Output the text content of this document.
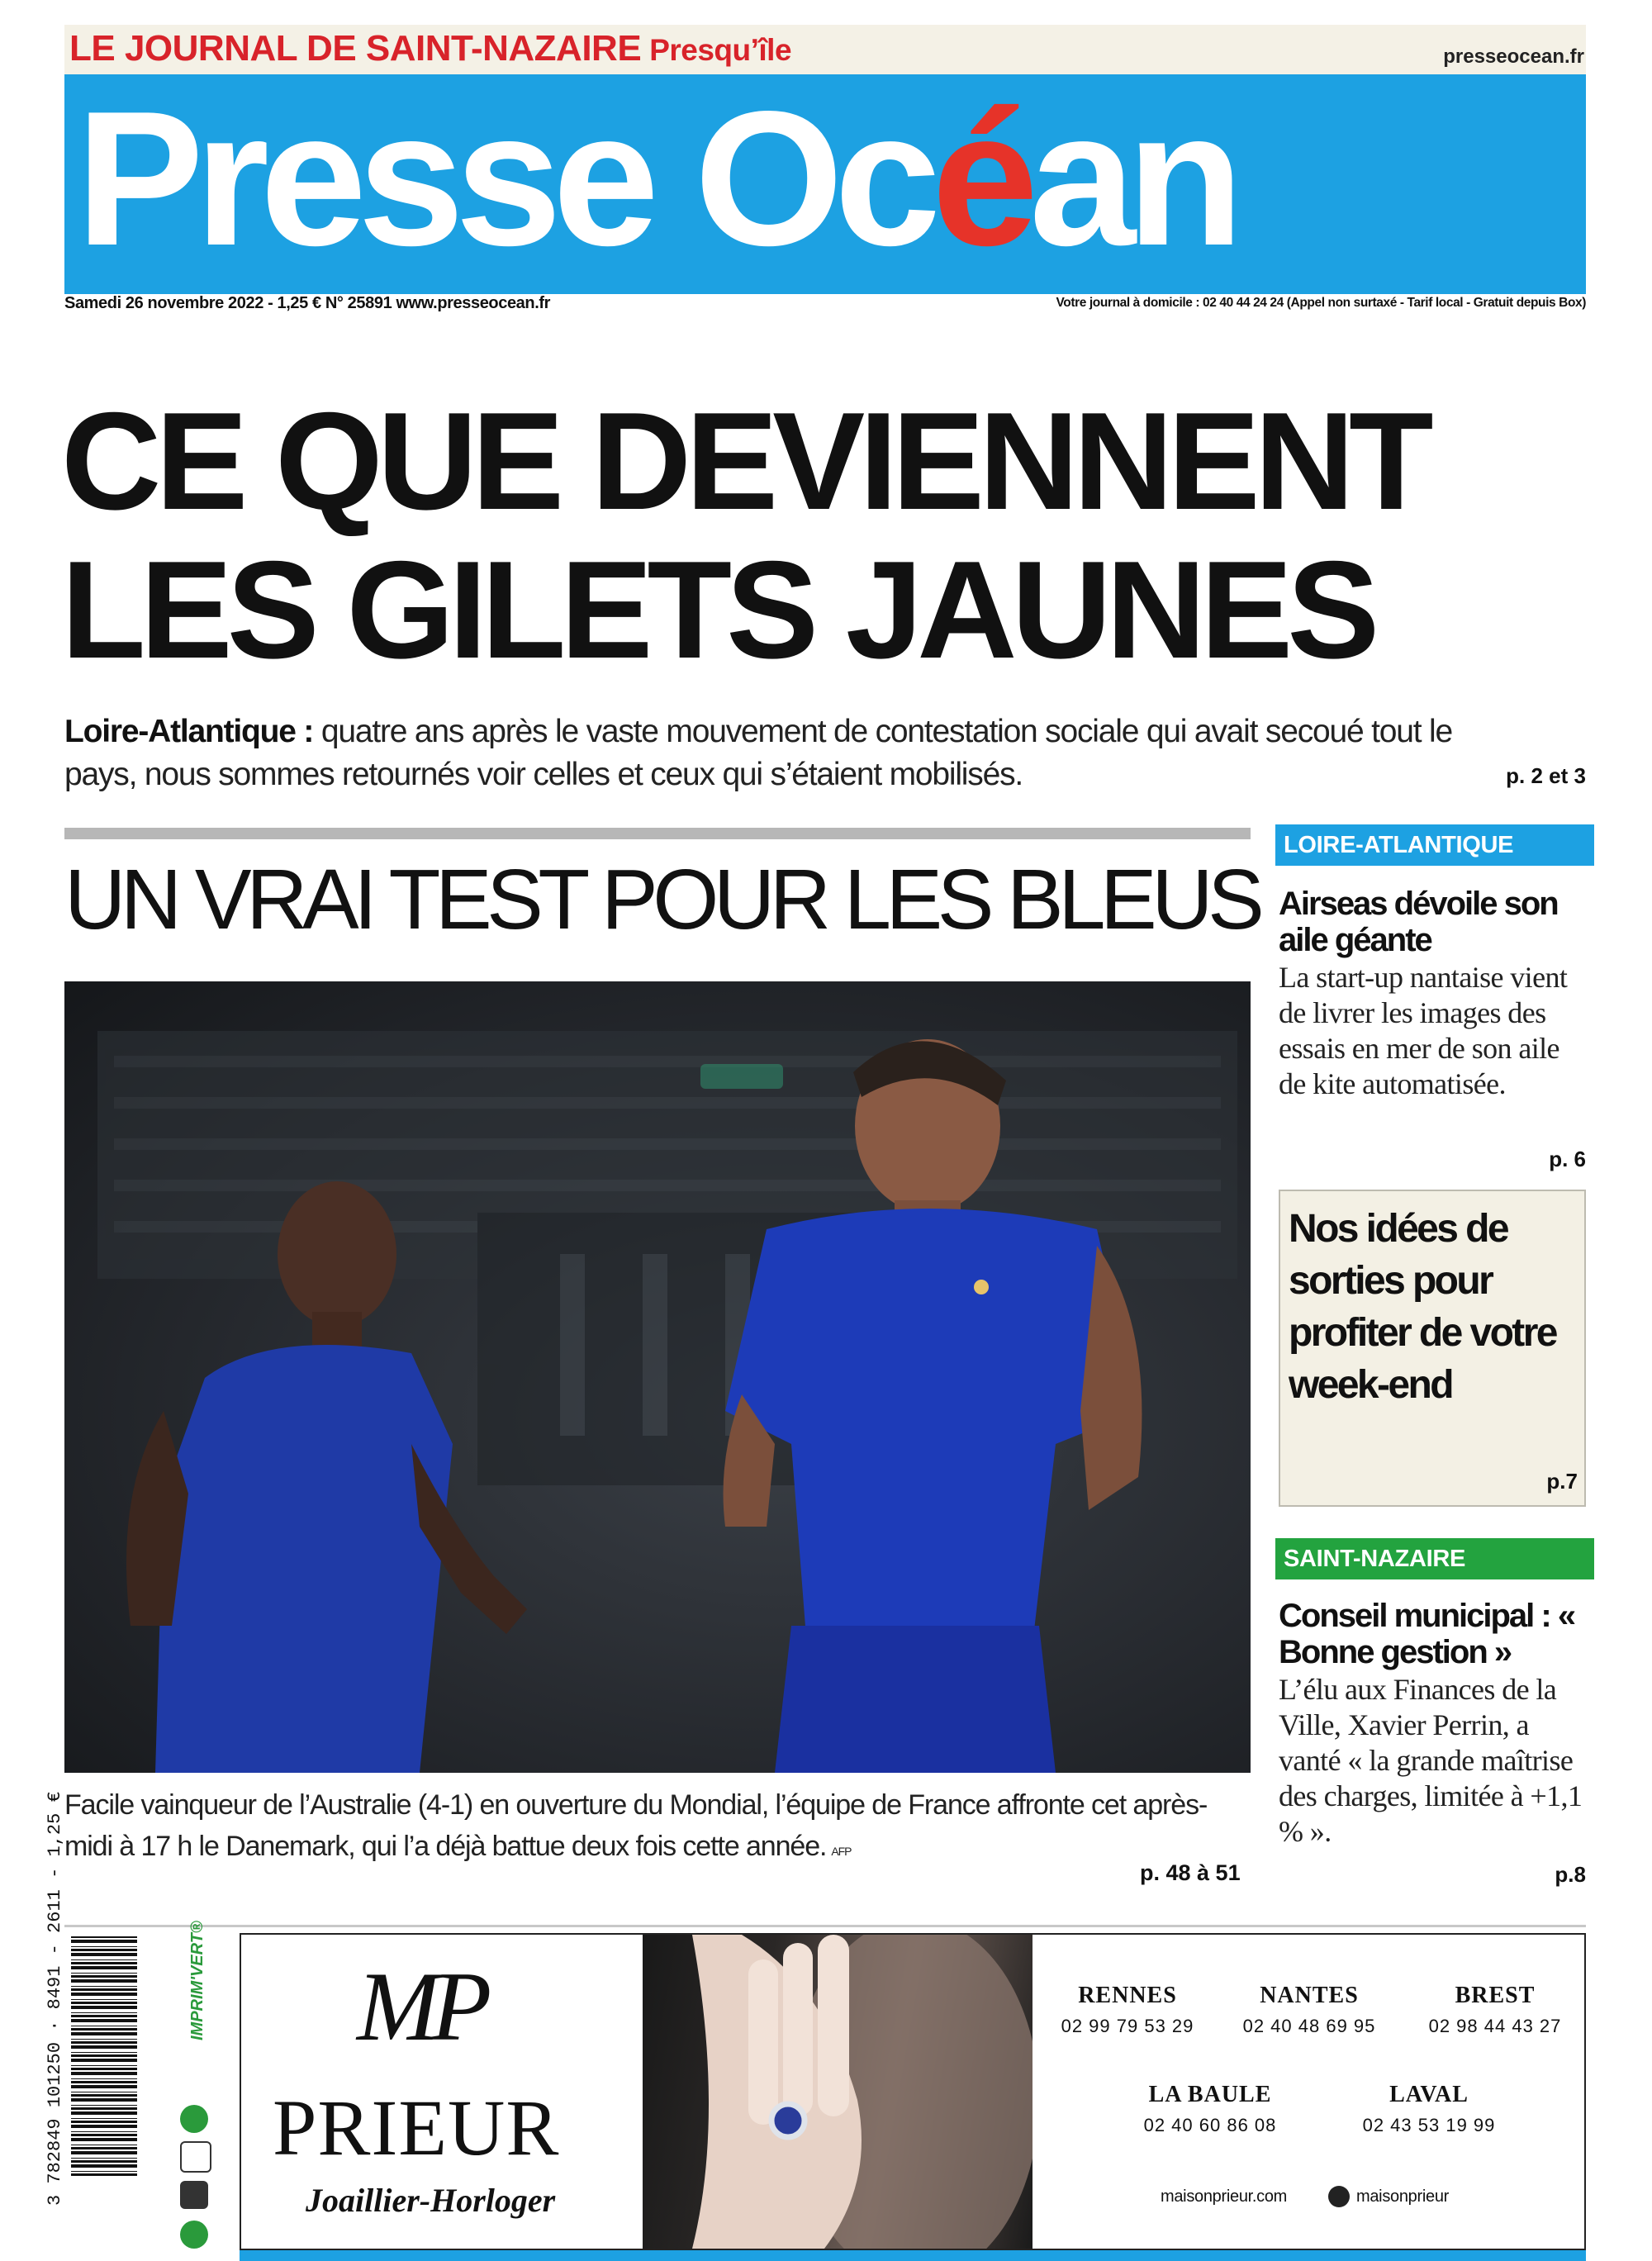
LE JOURNAL DE SAINT-NAZAIRE Presqu’île	presseocean.fr
Presse Océan
Samedi 26 novembre 2022 - 1,25 € N° 25891 www.presseocean.fr	Votre journal à domicile : 02 40 44 24 24 (Appel non surtaxé - Tarif local - Gratuit depuis Box)
CE QUE DEVIENNENT
LES GILETS JAUNES
Loire-Atlantique : quatre ans après le vaste mouvement de contestation sociale qui avait secoué tout le pays, nous sommes retournés voir celles et ceux qui s’étaient mobilisés.	p. 2 et 3
UN VRAI TEST POUR LES BLEUS
Facile vainqueur de l’Australie (4-1) en ouverture du Mondial, l’équipe de France affronte cet après-midi à 17 h le Danemark, qui l’a déjà battue deux fois cette année. AFP
p. 48 à 51
LOIRE-ATLANTIQUE
Airseas dévoile son aile géante
La start-up nantaise vient de livrer les images des essais en mer de son aile de kite automatisée.
p. 6
Nos idées de sorties pour profiter de votre week-end
p.7
SAINT-NAZAIRE
Conseil municipal : « Bonne gestion »
L’élu aux Finances de la Ville, Xavier Perrin, a vanté « la grande maîtrise des charges, limitée à +1,1 % ».
p.8
3 782849 101250 · 8491 - 2611 - 1,25 €	IMPRIM'VERT® MP
PRIEUR
Joaillier-Horloger
RENNES
02 99 79 53 29
NANTES
02 40 48 69 95
BREST
02 98 44 43 27
LA BAULE
02 40 60 86 08
LAVAL
02 43 53 19 99
maisonprieur.com	maisonprieur
